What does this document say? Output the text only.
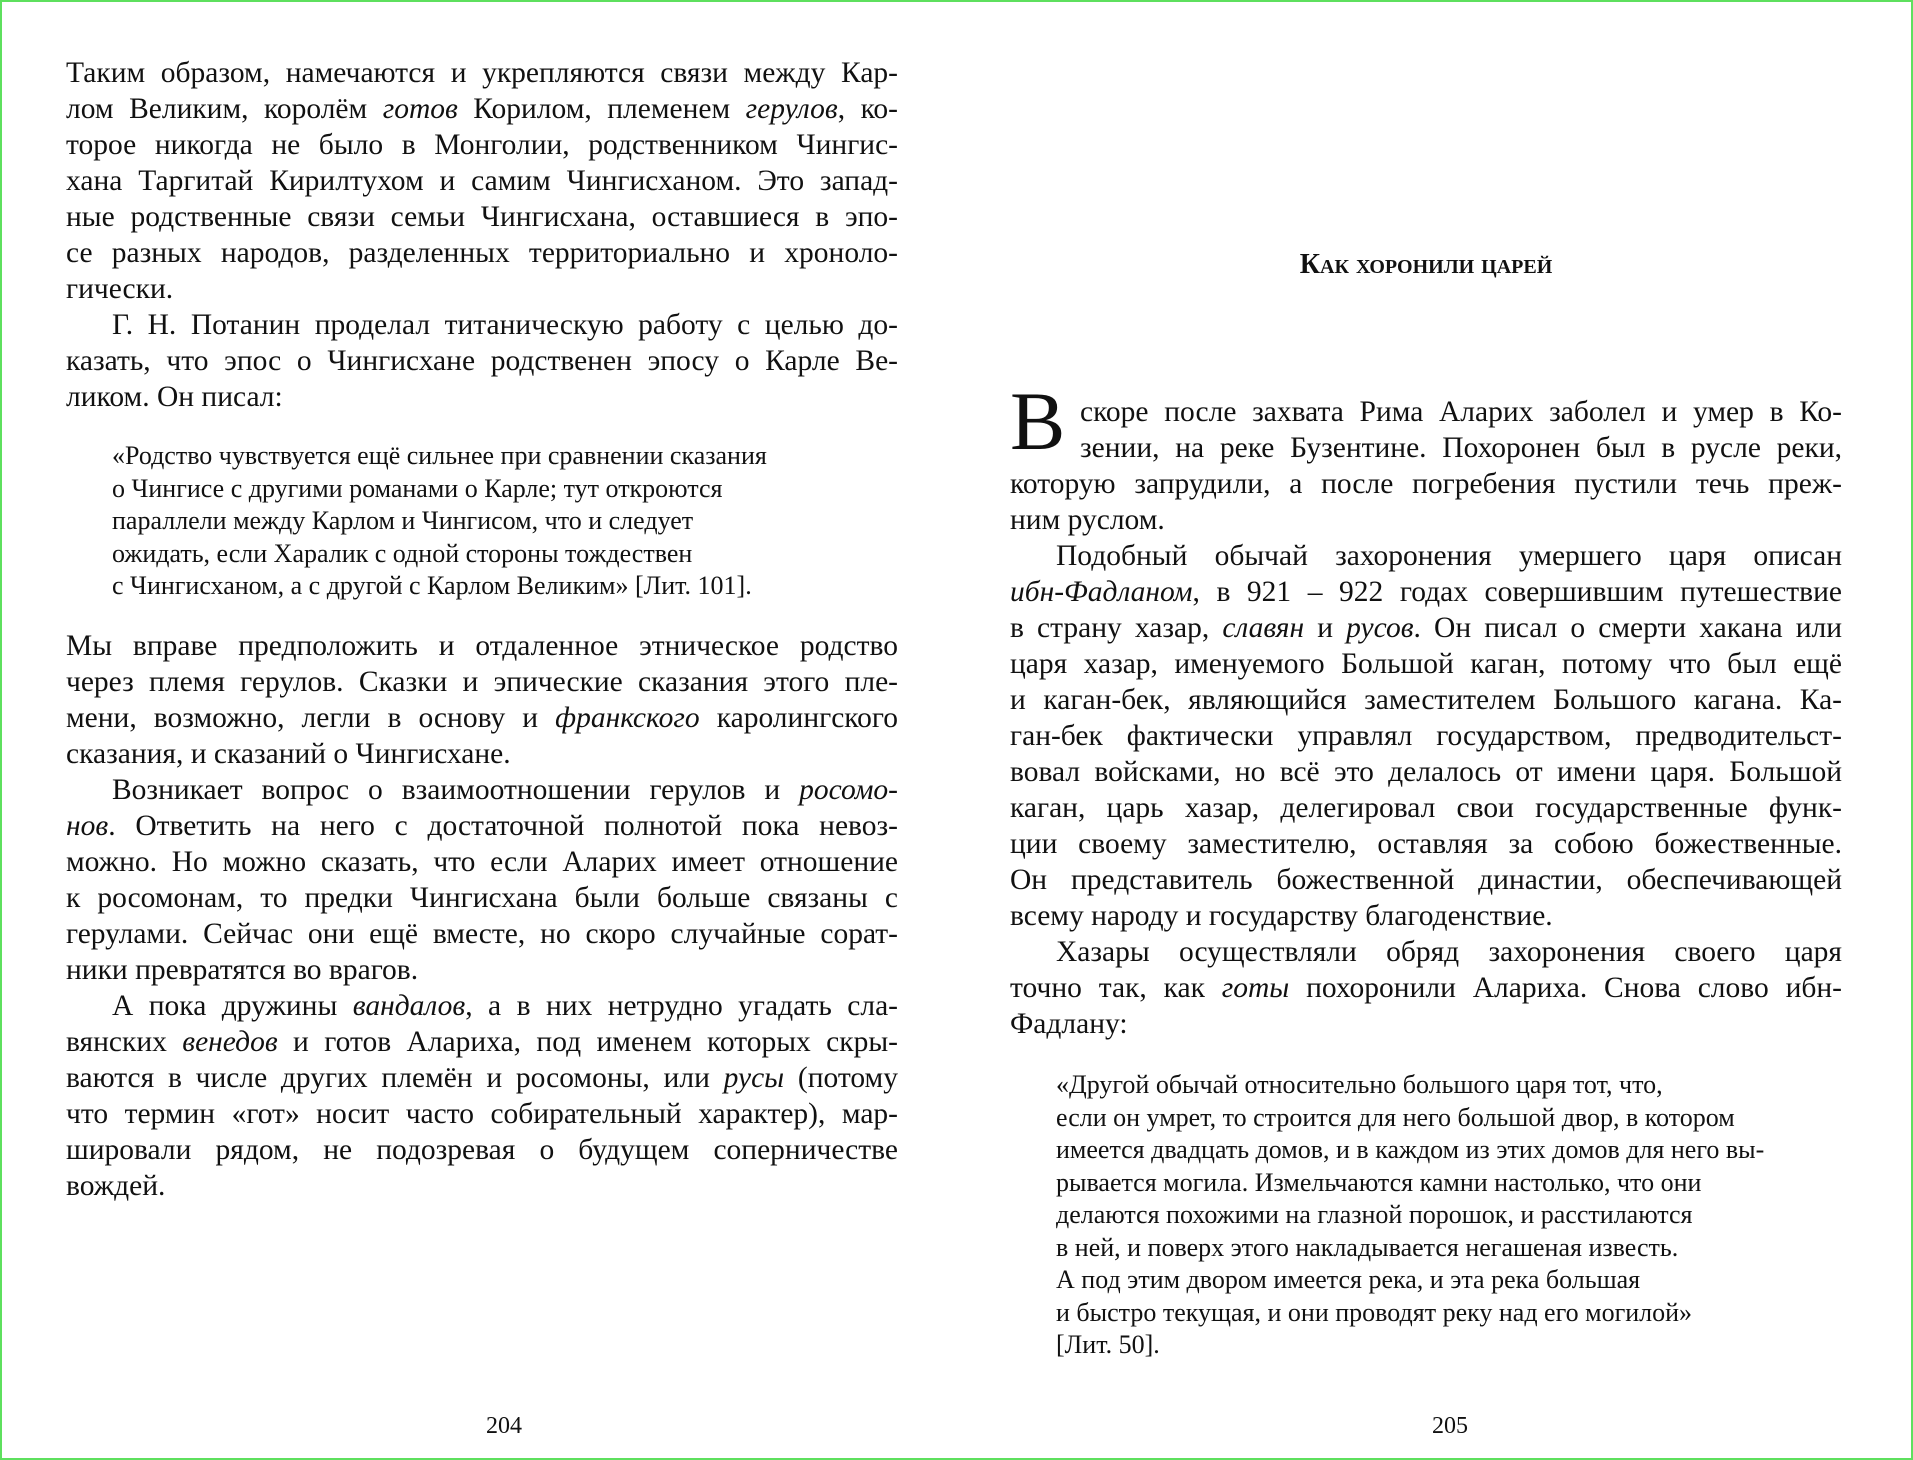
Таким образом, намечаются и укрепляются связи между Кар-
лом Великим, королём готов Корилом, племенем герулов, ко-
торое никогда не было в Монголии, родственником Чингис-
хана Таргитай Кирилтухом и самим Чингисханом. Это запад-
ные родственные связи семьи Чингисхана, оставшиеся в эпо-
се разных народов, разделенных территориально и хроноло-
гически.
Г. Н. Потанин проделал титаническую работу с целью до-
казать, что эпос о Чингисхане родственен эпосу о Карле Ве-
ликом. Он писал:
«Родство чувствуется ещё сильнее при сравнении сказания
о Чингисе с другими романами о Карле; тут откроются
параллели между Карлом и Чингисом, что и следует
ожидать, если Харалик с одной стороны тождествен
с Чингисханом, а с другой с Карлом Великим» [Лит. 101].
Мы вправе предположить и отдаленное этническое родство
через племя герулов. Сказки и эпические сказания этого пле-
мени, возможно, легли в основу и франкского каролингского
сказания, и сказаний о Чингисхане.
Возникает вопрос о взаимоотношении герулов и росомо-
нов. Ответить на него с достаточной полнотой пока невоз-
можно. Но можно сказать, что если Аларих имеет отношение
к росомонам, то предки Чингисхана были больше связаны с
герулами. Сейчас они ещё вместе, но скоро случайные сорат-
ники превратятся во врагов.
А пока дружины вандалов, а в них нетрудно угадать сла-
вянских венедов и готов Алариха, под именем которых скры-
ваются в числе других племён и росомоны, или русы (потому
что термин «гот» носит часто собирательный характер), мар-
шировали рядом, не подозревая о будущем соперничестве
вождей.
Как хоронили царей
В скоре после захвата Рима Аларих заболел и умер в Ко-
зении, на реке Бузентине. Похоронен был в русле реки,
которую запрудили, а после погребения пустили течь преж-
ним руслом.
Подобный обычай захоронения умершего царя описан
ибн-Фадланом, в 921 – 922 годах совершившим путешествие
в страну хазар, славян и русов. Он писал о смерти хакана или
царя хазар, именуемого Большой каган, потому что был ещё
и каган-бек, являющийся заместителем Большого кагана. Ка-
ган-бек фактически управлял государством, предводительст-
вовал войсками, но всё это делалось от имени царя. Большой
каган, царь хазар, делегировал свои государственные функ-
ции своему заместителю, оставляя за собою божественные.
Он представитель божественной династии, обеспечивающей
всему народу и государству благоденствие.
Хазары осуществляли обряд захоронения своего царя
точно так, как готы похоронили Алариха. Снова слово ибн-
Фадлану:
«Другой обычай относительно большого царя тот, что,
если он умрет, то строится для него большой двор, в котором
имеется двадцать домов, и в каждом из этих домов для него вы-
рывается могила. Измельчаются камни настолько, что они
делаются похожими на глазной порошок, и расстилаются
в ней, и поверх этого накладывается негашеная известь.
А под этим двором имеется река, и эта река большая
и быстро текущая, и они проводят реку над его могилой»
[Лит. 50].
204	205
